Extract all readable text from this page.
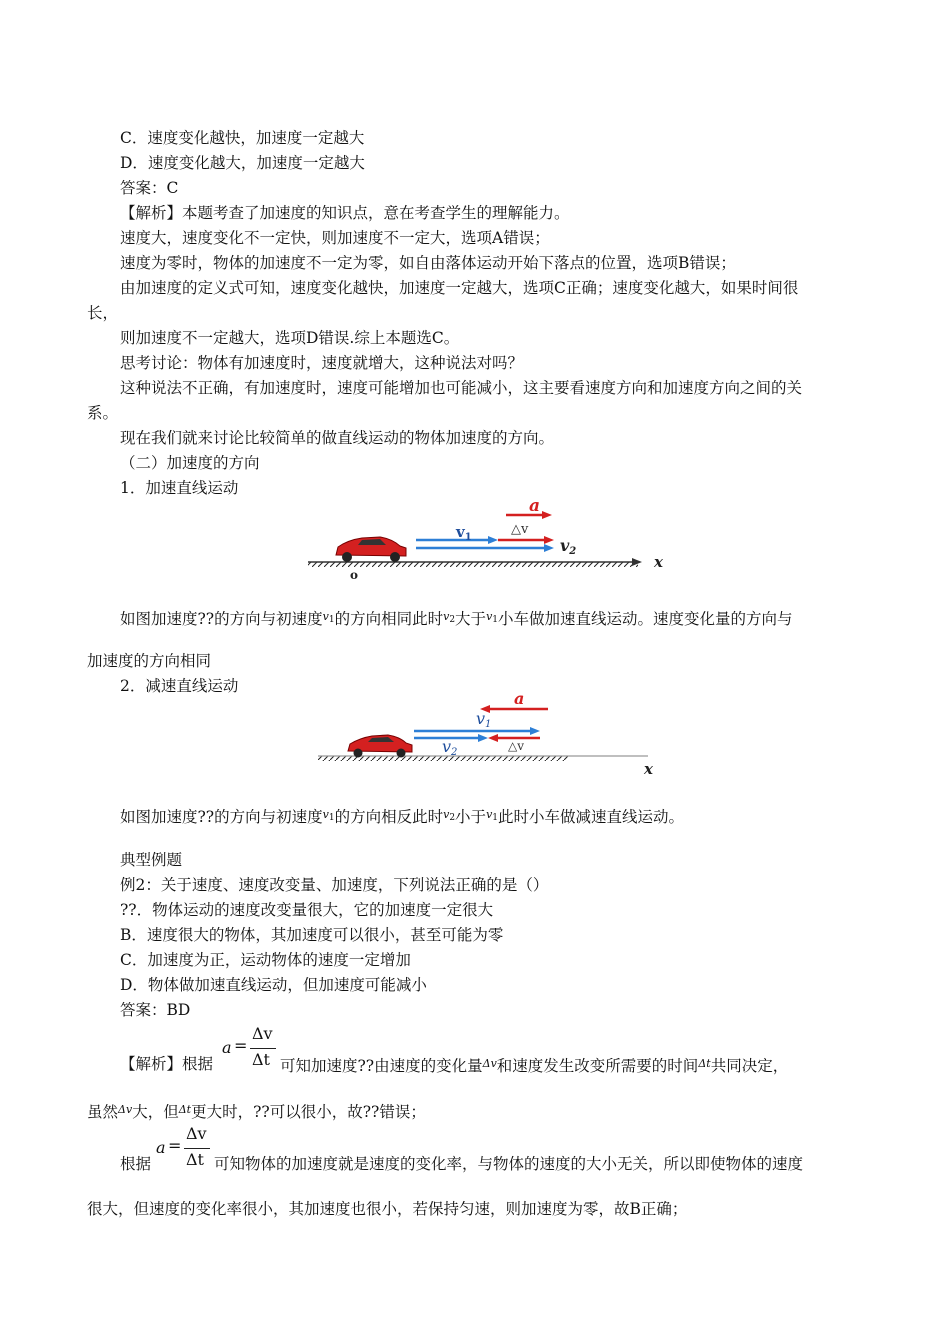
C．速度变化越快，加速度一定越大
D．速度变化越大，加速度一定越大
答案：C
【解析】本题考查了加速度的知识点，意在考查学生的理解能力。
速度大，速度变化不一定快，则加速度不一定大，选项A错误；
速度为零时，物体的加速度不一定为零，如自由落体运动开始下落点的位置，选项B错误；
由加速度的定义式可知，速度变化越快，加速度一定越大，选项C正确；速度变化越大，如果时间很
长，
则加速度不一定越大，选项D错误.综上本题选C。
思考讨论：物体有加速度时，速度就增大，这种说法对吗？
这种说法不正确，有加速度时，速度可能增加也可能减小，这主要看速度方向和加速度方向之间的关
系。
现在我们就来讨论比较简单的做直线运动的物体加速度的方向。
（二）加速度的方向
1．加速直线运动
x
o
a
△v
$v_1$	v2
如图加速度??的方向与初速度$^{v_1}$的方向相同此时$^{v_2}$大于$^{v_1}$小车做加速直线运动。速度变化量的方向与
加速度的方向相同
2．减速直线运动
x
a
v1
v2	△v
如图加速度??的方向与初速度$^{v_1}$的方向相反此时$^{v_2}$小于$^{v_1}$此时小车做减速直线运动。
典型例题
例2：关于速度、速度改变量、加速度，下列说法正确的是（）
??．物体运动的速度改变量很大，它的加速度一定很大
B．速度很大的物体，其加速度可以很小，甚至可能为零
C．加速度为正，运动物体的速度一定增加
D．物体做加速直线运动，但加速度可能减小
答案：BD
a =
Δv
Δt
【解析】根据	可知加速度??由速度的变化量$^{\Delta v}$和速度发生改变所需要的时间$^{\Delta t}$共同决定，
虽然$^{\Delta v}$大，但$^{\Delta t}$更大时，??可以很小，故??错误；
a =
Δv
Δt
根据	可知物体的加速度就是速度的变化率，与物体的速度的大小无关，所以即使物体的速度
很大，但速度的变化率很小，其加速度也很小，若保持匀速，则加速度为零，故B正确；
